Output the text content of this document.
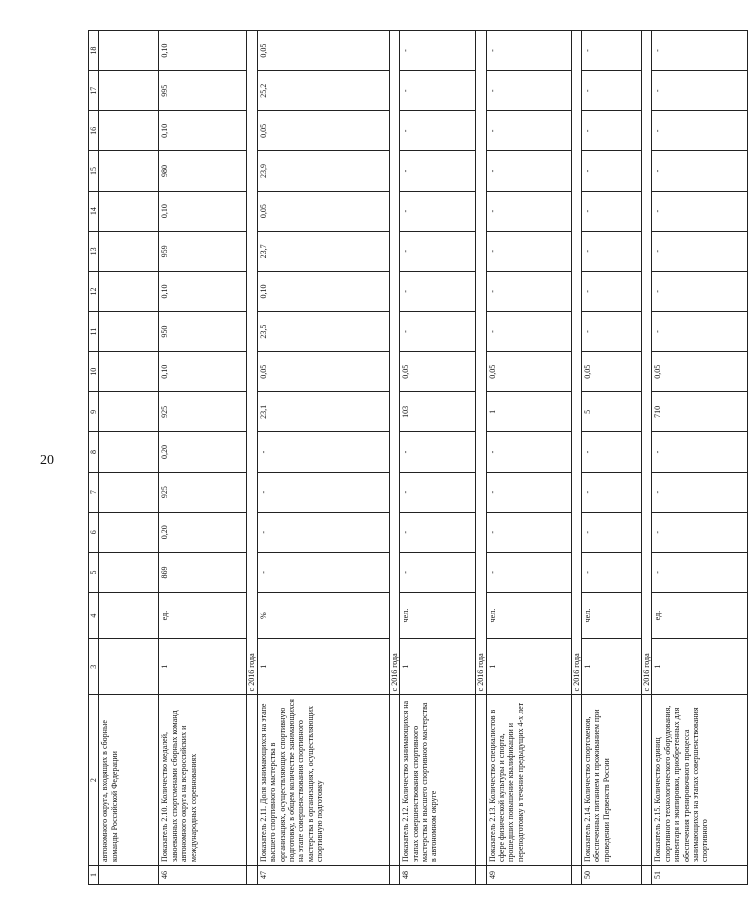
20
1	2	3	4	5	6	7	8	9	10	11	12	13	14	15	16	17	18
	автономного округа, входящих в сборные команды Российской Федерации																
46	Показатель 2.10. Количество медалей, завоеванных спортсменами сборных команд автономного округа на всероссийских и международных соревнованиях	1	ед.	869	0,20	925	0,20	925	0,10	950	0,10	959	0,10	980	0,10	995	0,10
		с 2016 года															
47	Показатель 2.11. Доля занимающихся на этапе высшего спортивного мастерства в организациях, осуществляющих спортивную подготовку, в общем количестве занимающихся на этапе совершенствования спортивного мастерства в организациях, осуществляющих спортивную подготовку	1	%	-	-	-	-	23,1	0,05	23,5	0,10	23,7	0,05	23,9	0,05	25,2	0,05
		с 2016 года															
48	Показатель 2.12. Количество занимающихся на этапах совершенствования спортивного мастерства и высшего спортивного мастерства в автономном округе	1	чел.	-	-	-	-	103	0,05	-	-	-	-	-	-	-	-
		с 2016 года															
49	Показатель 2.13. Количество специалистов в сфере физической культуры и спорта, прошедших повышение квалификации и переподготовку в течение предыдущих 4-х лет	1	чел.	-	-	-	-	1	0,05	-	-	-	-	-	-	-	-
		с 2016 года															
50	Показатель 2.14. Количество спортсменов, обеспеченных питанием и проживанием при проведении Первенств России	1	чел.	-	-	-	-	5	0,05	-	-	-	-	-	-	-	-
		с 2016 года															
51	Показатель 2.15. Количество единиц спортивного технологического оборудования, инвентаря и экипировки, приобретенных для обеспечения тренировочного процесса занимающихся на этапах совершенствования спортивного	1	ед.	-	-	-	-	710	0,05	-	-	-	-	-	-	-	-
